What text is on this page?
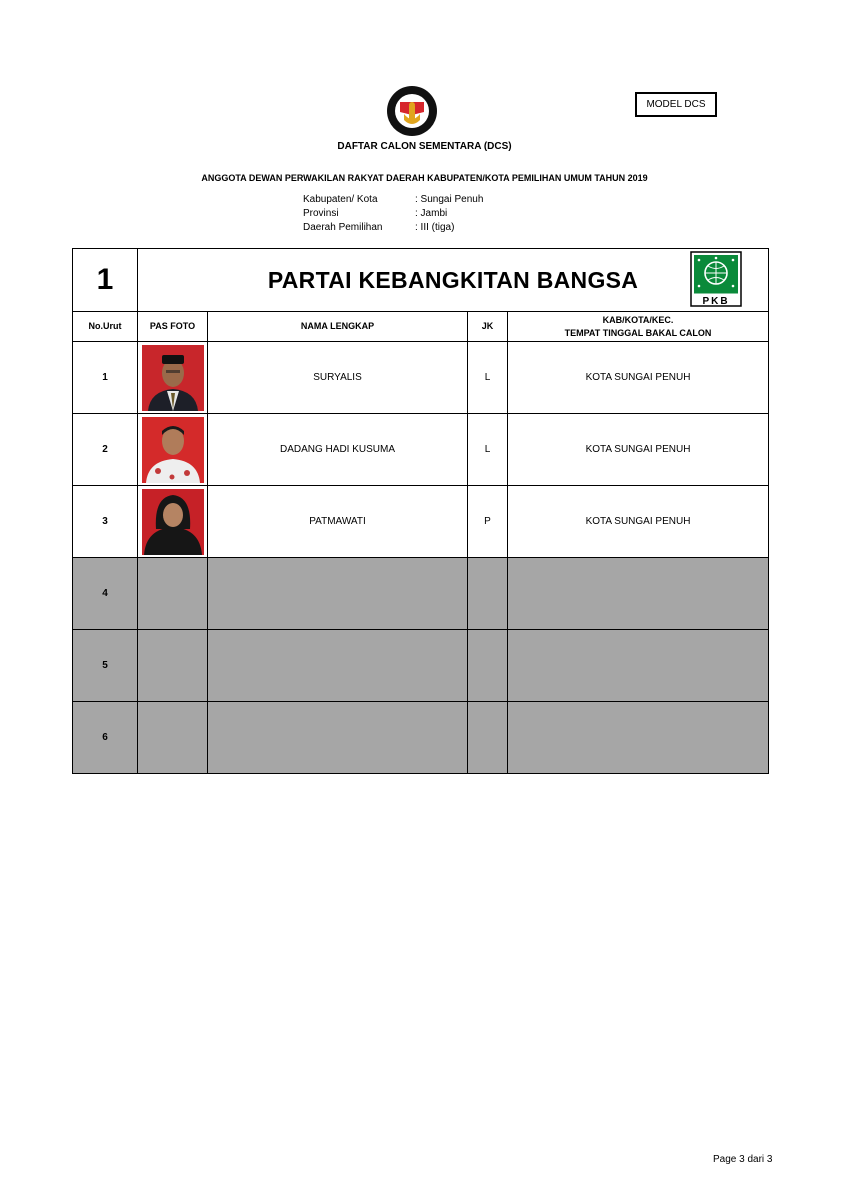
MODEL DCS
DAFTAR CALON SEMENTARA (DCS)
ANGGOTA DEWAN PERWAKILAN RAKYAT DAERAH KABUPATEN/KOTA PEMILIHAN UMUM TAHUN 2019
Kabupaten/ Kota	: Sungai Penuh
Provinsi	: Jambi
Daerah Pemilihan	: III (tiga)
1	PARTAI KEBANGKITAN BANGSA
PKB			

No.Urut	PAS FOTO	NAMA LENGKAP	JK	KAB/KOTA/KEC.
TEMPAT TINGGAL BAKAL CALON

1		SURYALIS	L	KOTA SUNGAI PENUH
2		DADANG HADI KUSUMA	L	KOTA SUNGAI PENUH
3		PATMAWATI	P	KOTA SUNGAI PENUH
4				
5				
6				
Page 3 dari 3
